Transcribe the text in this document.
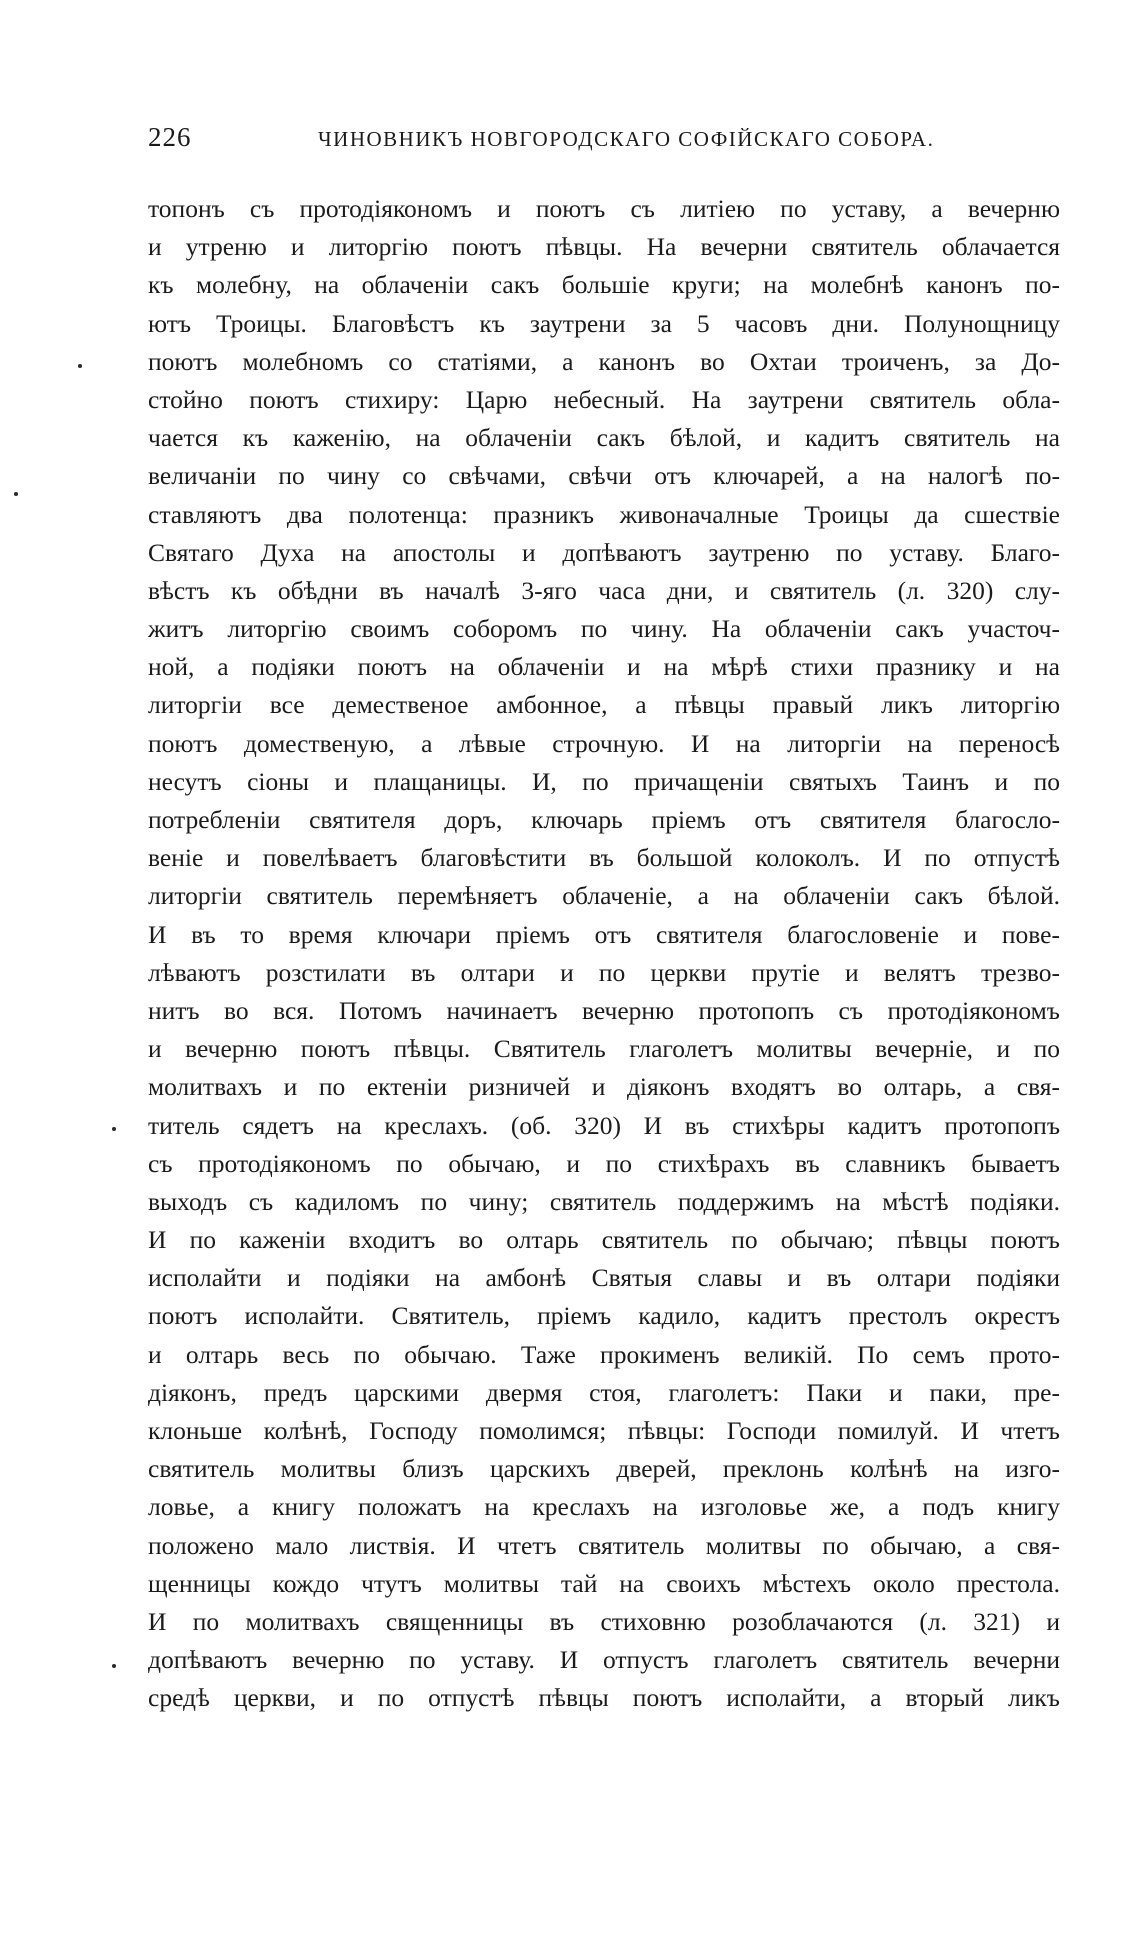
226	ЧИНОВНИКЪ НОВГОРОДСКАГО СОФІЙСКАГО СОБОРА.
топонъ съ протодіякономъ и поютъ съ литіею по уставу, а вечерню
и утреню и литоргію поютъ пѣвцы. На вечерни святитель облачается
къ молебну, на облаченіи сакъ большіе круги; на молебнѣ канонъ по-
ютъ Троицы. Благовѣстъ къ заутрени за 5 часовъ дни. Полунощницу
поютъ молебномъ со статіями, а канонъ во Охтаи троиченъ, за До-
стойно поютъ стихиру: Царю небесный. На заутрени святитель обла-
чается къ каженію, на облаченіи сакъ бѣлой, и кадитъ святитель на
величаніи по чину со свѣчами, свѣчи отъ ключарей, а на налогѣ по-
ставляютъ два полотенца: празникъ живоначалные Троицы да сшествіе
Святаго Духа на апостолы и допѣваютъ заутреню по уставу. Благо-
вѣстъ къ обѣдни въ началѣ 3-яго часа дни, и святитель (л. 320) слу-
житъ литоргію своимъ соборомъ по чину. На облаченіи сакъ участоч-
ной, а подіяки поютъ на облаченіи и на мѣрѣ стихи празнику и на
литоргіи все демественое амбонное, а пѣвцы правый ликъ литоргію
поютъ домественую, а лѣвые строчную. И на литоргіи на переносѣ
несутъ сіоны и плащаницы. И, по причащеніи святыхъ Таинъ и по
потребленіи святителя доръ, ключарь пріемъ отъ святителя благосло-
веніе и повелѣваетъ благовѣстити въ большой колоколъ. И по отпустѣ
литоргіи святитель перемѣняетъ облаченіе, а на облаченіи сакъ бѣлой.
И въ то время ключари пріемъ отъ святителя благословеніе и пове-
лѣваютъ розстилати въ олтари и по церкви прутіе и велятъ трезво-
нитъ во вся. Потомъ начинаетъ вечерню протопопъ съ протодіякономъ
и вечерню поютъ пѣвцы. Святитель глаголетъ молитвы вечерніе, и по
молитвахъ и по ектеніи ризничей и діяконъ входятъ во олтарь, а свя-
титель сядетъ на креслахъ. (об. 320) И въ стихѣры кадитъ протопопъ
съ протодіякономъ по обычаю, и по стихѣрахъ въ славникъ бываетъ
выходъ съ кадиломъ по чину; святитель поддержимъ на мѣстѣ подіяки.
И по каженіи входитъ во олтарь святитель по обычаю; пѣвцы поютъ
исполайти и подіяки на амбонѣ Святыя славы и въ олтари подіяки
поютъ исполайти. Святитель, пріемъ кадило, кадитъ престолъ окрестъ
и олтарь весь по обычаю. Таже прокименъ великій. По семъ прото-
діяконъ, предъ царскими двермя стоя, глаголетъ: Паки и паки, пре-
клоньше колѣнѣ, Господу помолимся; пѣвцы: Господи помилуй. И чтетъ
святитель молитвы близъ царскихъ дверей, преклонь колѣнѣ на изго-
ловье, а книгу положатъ на креслахъ на изголовье же, а подъ книгу
положено мало листвія. И чтетъ святитель молитвы по обычаю, а свя-
щенницы кождо чтутъ молитвы тай на своихъ мѣстехъ около престола.
И по молитвахъ священницы въ стиховню розоблачаются (л. 321) и
допѣваютъ вечерню по уставу. И отпустъ глаголетъ святитель вечерни
средѣ церкви, и по отпустѣ пѣвцы поютъ исполайти, а вторый ликъ
